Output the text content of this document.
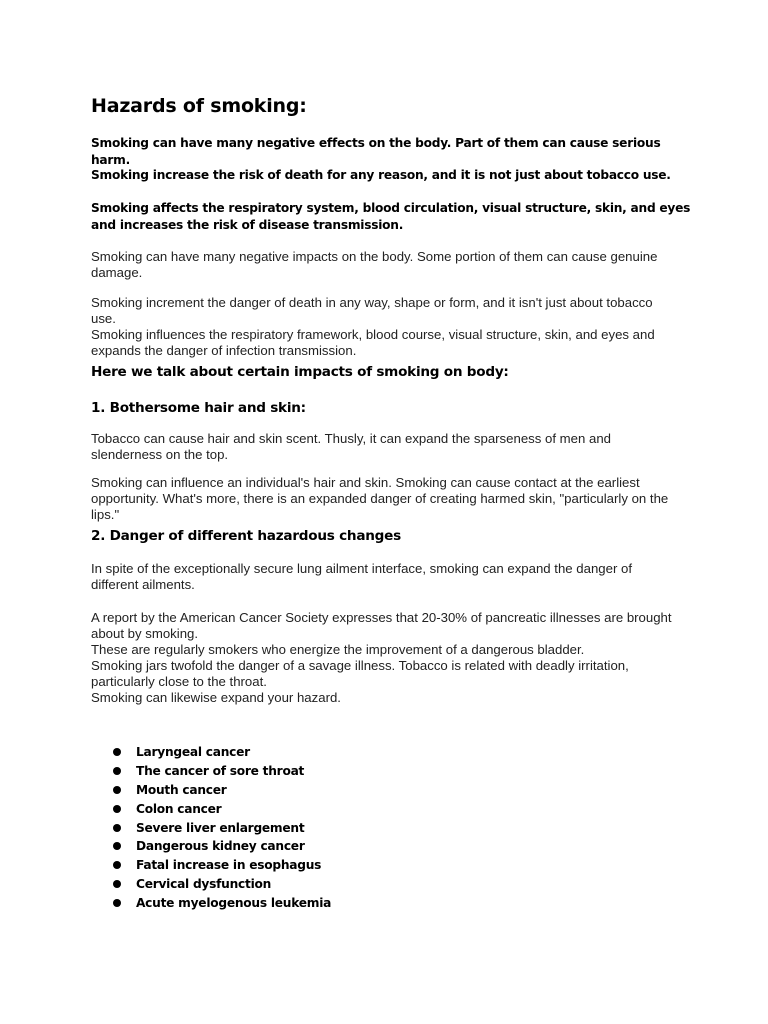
Hazards of smoking:

Smoking can have many negative effects on the body. Part of them can cause serious harm.

Smoking increase the risk of death for any reason, and it is not just about tobacco use.

Smoking affects the respiratory system, blood circulation, visual structure, skin, and eyes and increases the risk of disease transmission.

Smoking can have many negative impacts on the body. Some portion of them can cause genuine damage.

Smoking increment the danger of death in any way, shape or form, and it isn't just about tobacco use.
Smoking influences the respiratory framework, blood course, visual structure, skin, and eyes and expands the danger of infection transmission.

Here we talk about certain impacts of smoking on body:
1. Bothersome hair and skin:

Tobacco can cause hair and skin scent. Thusly, it can expand the sparseness of men and slenderness on the top.

Smoking can influence an individual's hair and skin. Smoking can cause contact at the earliest opportunity. What's more, there is an expanded danger of creating harmed skin, "particularly on the lips."

2. Danger of different hazardous changes

In spite of the exceptionally secure lung ailment interface, smoking can expand the danger of different ailments.

A report by the American Cancer Society expresses that 20-30% of pancreatic illnesses are brought about by smoking.
These are regularly smokers who energize the improvement of a dangerous bladder.
Smoking jars twofold the danger of a savage illness. Tobacco is related with deadly irritation, particularly close to the throat.
Smoking can likewise expand your hazard.

Laryngeal cancer
The cancer of sore throat
Mouth cancer
Colon cancer
Severe liver enlargement
Dangerous kidney cancer
Fatal increase in esophagus
Cervical dysfunction
Acute myelogenous leukemia
